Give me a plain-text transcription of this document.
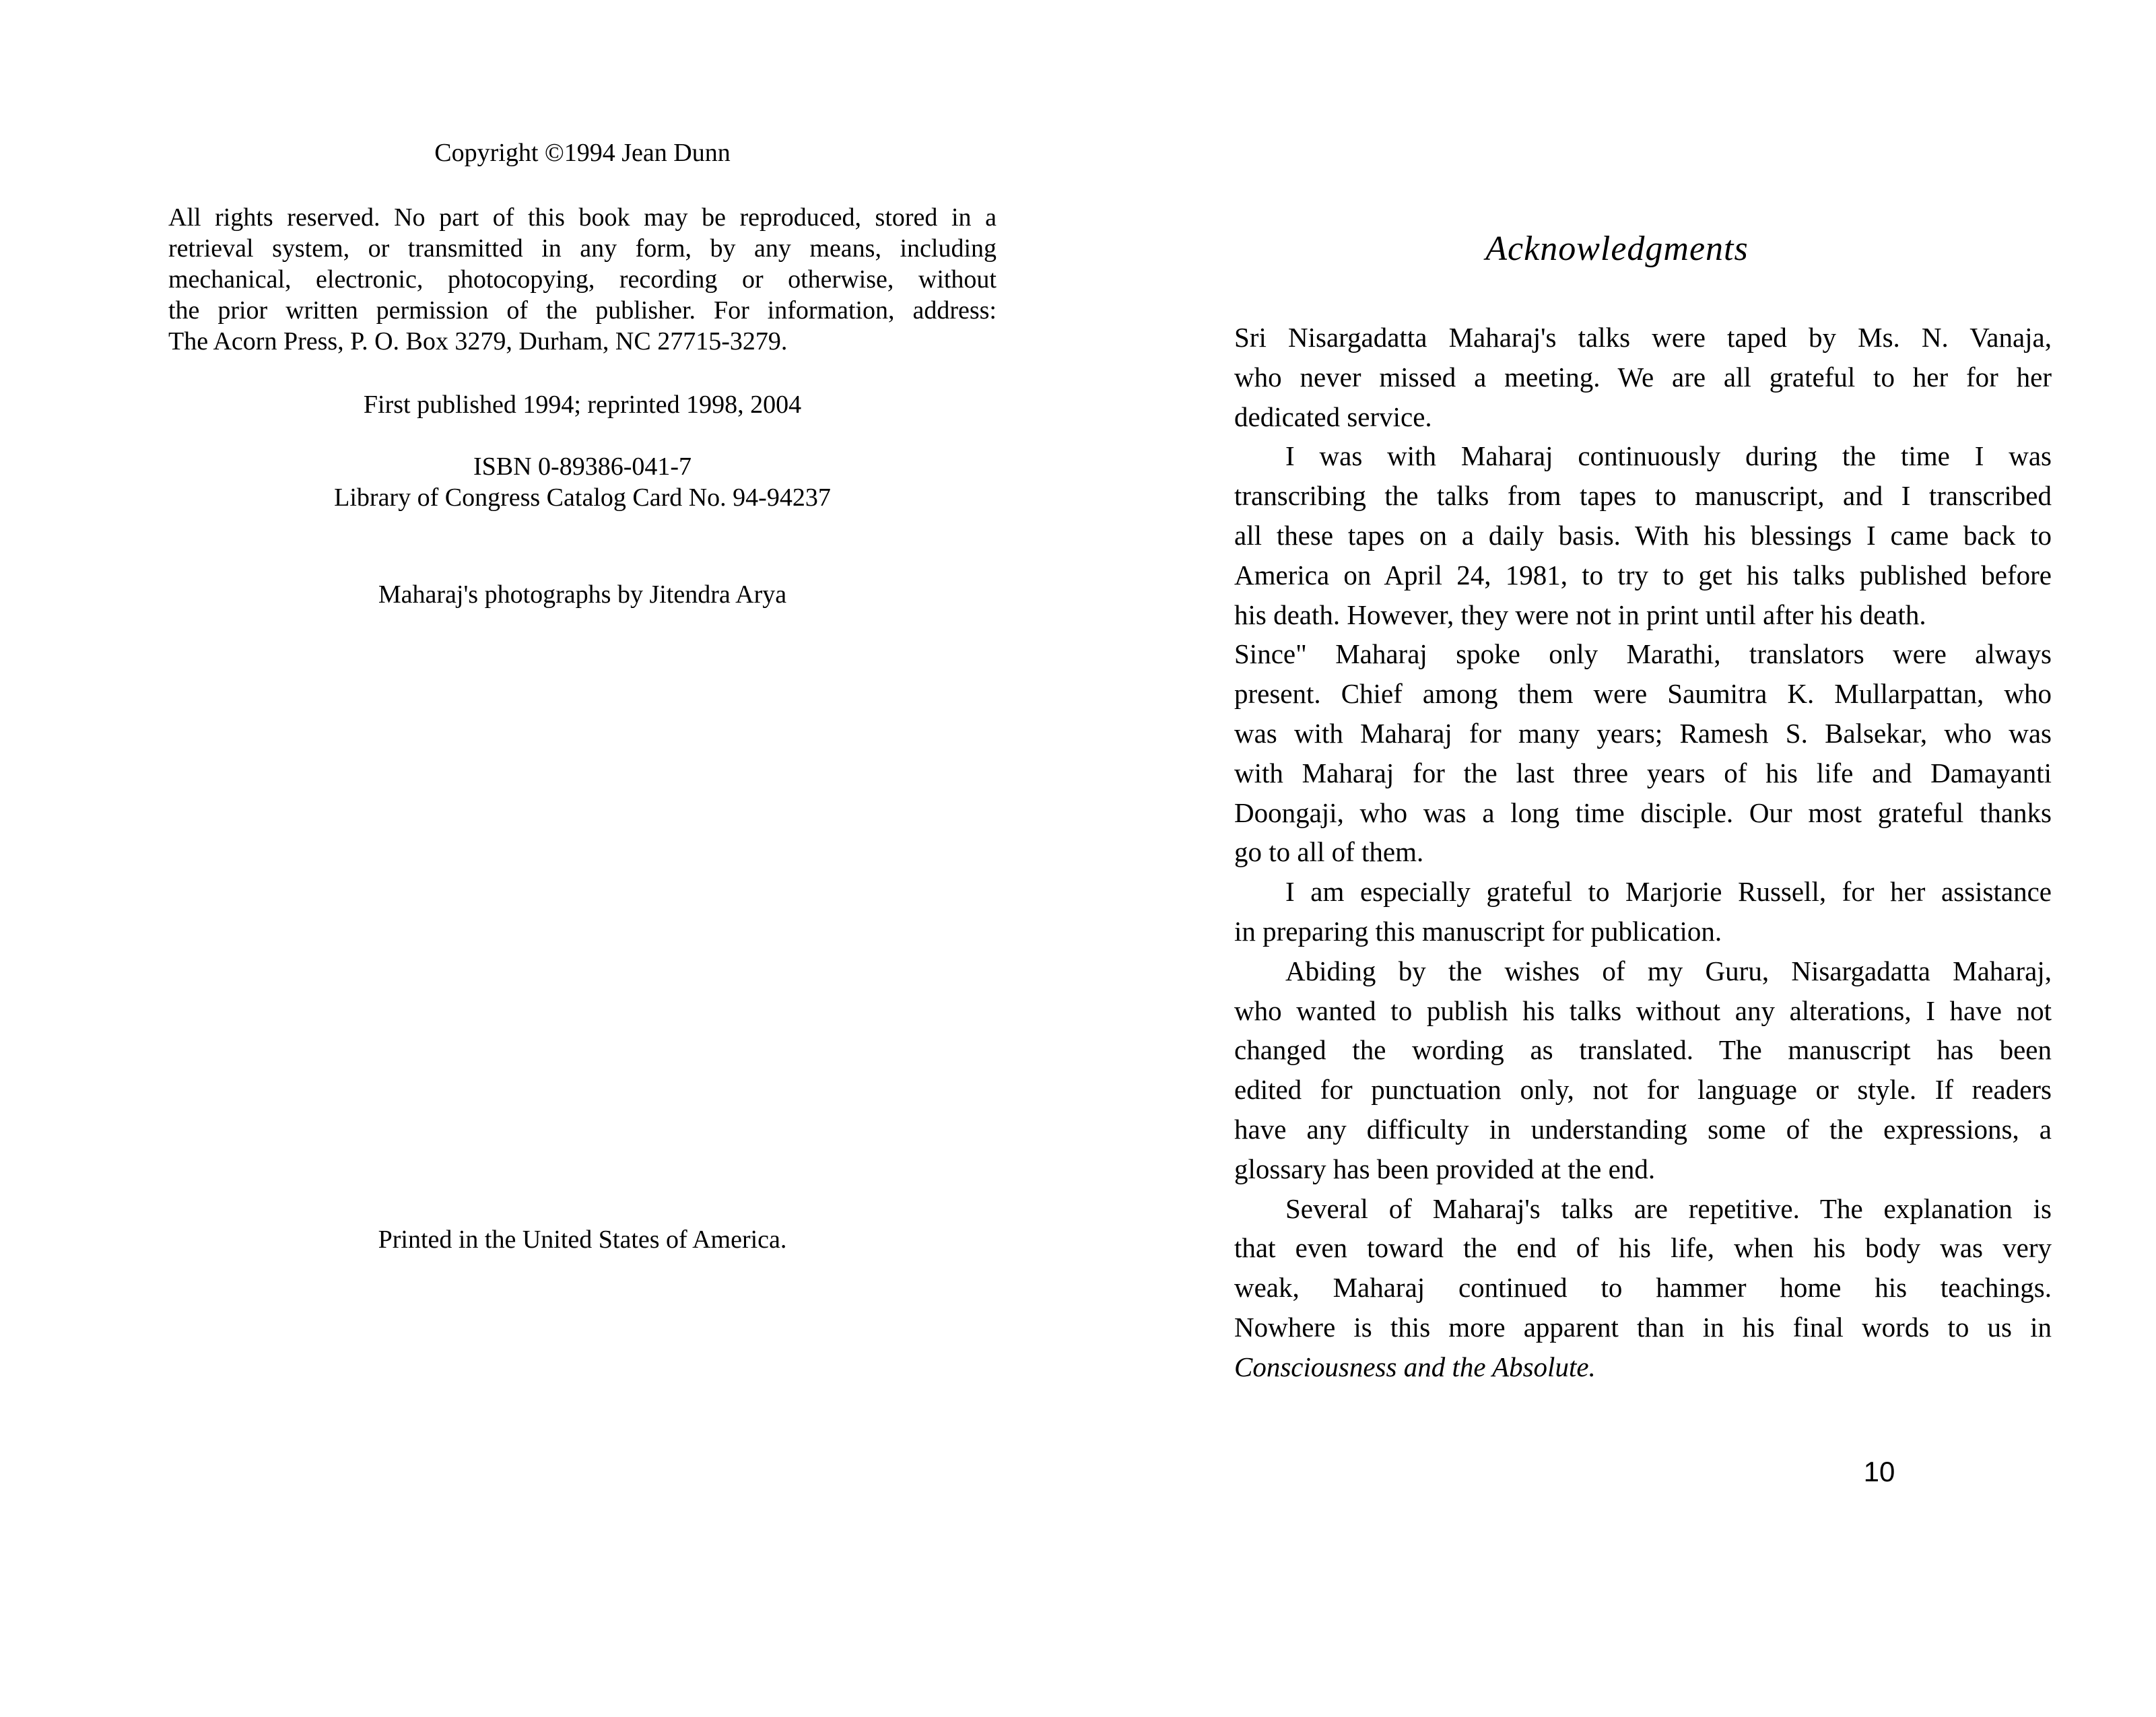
Copyright ©1994 Jean Dunn
All rights reserved. No part of this book may be reproduced, stored in a
retrieval system, or transmitted in any form, by any means, including
mechanical, electronic, photocopying, recording or otherwise, without
the prior written permission of the publisher. For information, address:
The Acorn Press, P. O. Box 3279, Durham, NC 27715-3279.
First published 1994; reprinted 1998, 2004
ISBN 0-89386-041-7
Library of Congress Catalog Card No. 94-94237
Maharaj's photographs by Jitendra Arya
Printed in the United States of America.
Acknowledgments
Sri Nisargadatta Maharaj's talks were taped by Ms. N. Vanaja,
who never missed a meeting. We are all grateful to her for her
dedicated service.
I was with Maharaj continuously during the time I was
transcribing the talks from tapes to manuscript, and I transcribed
all these tapes on a daily basis. With his blessings I came back to
America on April 24, 1981, to try to get his talks published before
his death. However, they were not in print until after his death.
Since" Maharaj spoke only Marathi, translators were always
present. Chief among them were Saumitra K. Mullarpattan, who
was with Maharaj for many years; Ramesh S. Balsekar, who was
with Maharaj for the last three years of his life and Damayanti
Doongaji, who was a long time disciple. Our most grateful thanks
go to all of them.
I am especially grateful to Marjorie Russell, for her assistance
in preparing this manuscript for publication.
Abiding by the wishes of my Guru, Nisargadatta Maharaj,
who wanted to publish his talks without any alterations, I have not
changed the wording as translated. The manuscript has been
edited for punctuation only, not for language or style. If readers
have any difficulty in understanding some of the expressions, a
glossary has been provided at the end.
Several of Maharaj's talks are repetitive. The explanation is
that even toward the end of his life, when his body was very
weak, Maharaj continued to hammer home his teachings.
Nowhere is this more apparent than in his final words to us in
Consciousness and the Absolute.
10
